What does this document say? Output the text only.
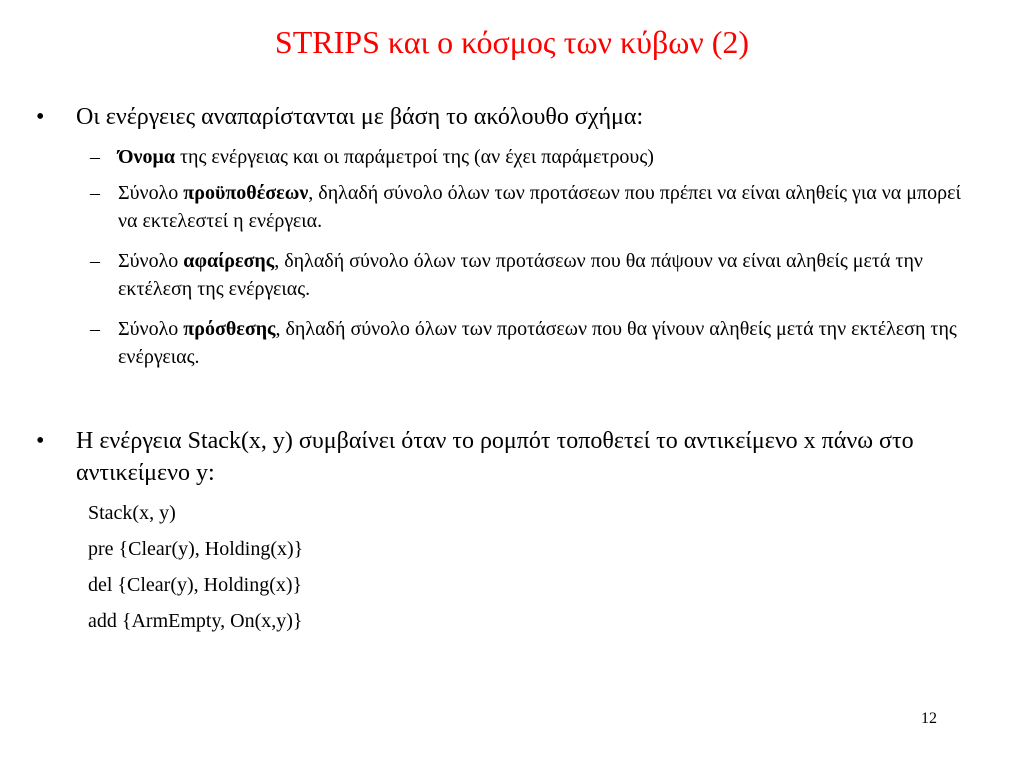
STRIPS και ο κόσμος των κύβων (2)
• Οι ενέργειες αναπαρίστανται με βάση το ακόλουθο σχήμα:
– Όνομα της ενέργειας και οι παράμετροί της (αν έχει παράμετρους)
– Σύνολο προϋποθέσεων, δηλαδή σύνολο όλων των προτάσεων που πρέπει να είναι αληθείς για να μπορεί να εκτελεστεί η ενέργεια.
– Σύνολο αφαίρεσης, δηλαδή σύνολο όλων των προτάσεων που θα πάψουν να είναι αληθείς μετά την εκτέλεση της ενέργειας.
– Σύνολο πρόσθεσης, δηλαδή σύνολο όλων των προτάσεων που θα γίνουν αληθείς μετά την εκτέλεση της ενέργειας.
• Η ενέργεια Stack(x, y) συμβαίνει όταν το ρομπότ τοποθετεί το αντικείμενο x πάνω στο αντικείμενο y:
Stack(x, y)
pre {Clear(y), Holding(x)}
del {Clear(y), Holding(x)}
add {ArmEmpty, On(x,y)}
12
